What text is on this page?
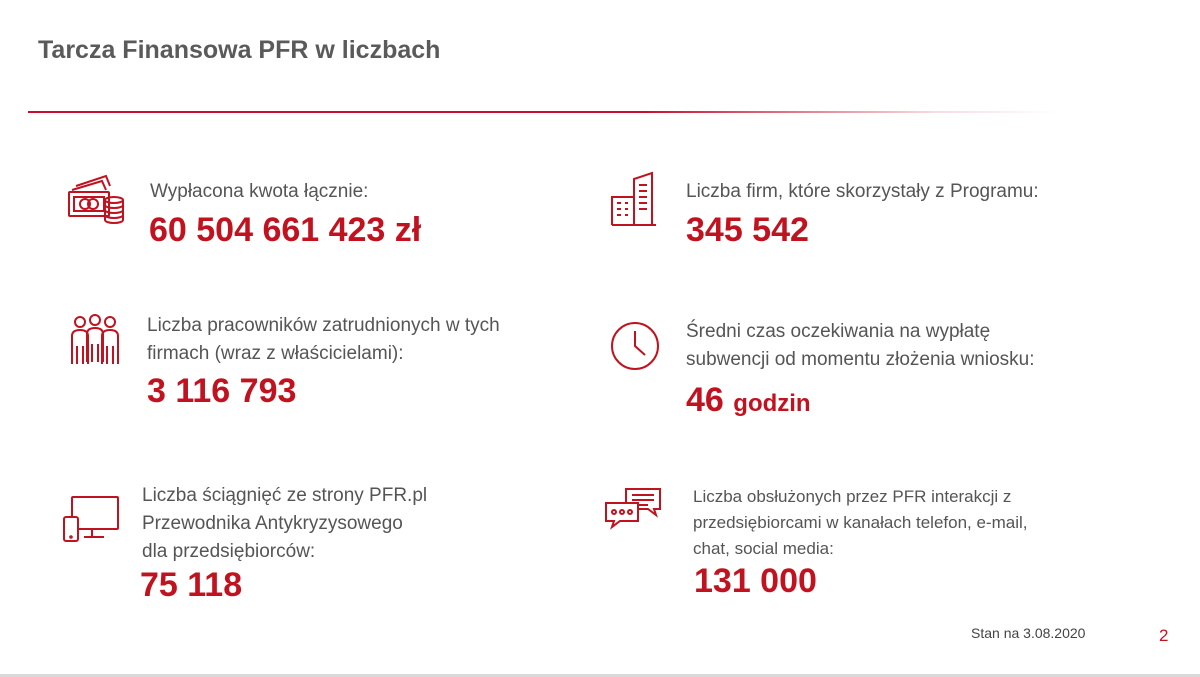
Tarcza Finansowa PFR w liczbach
Wypłacona kwota łącznie:
60 504 661 423 zł
Liczba firm, które skorzystały z Programu:
345 542
Liczba pracowników zatrudnionych w tych
firmach (wraz z właścicielami):
3 116 793
Średni czas oczekiwania na wypłatę
subwencji od momentu złożenia wniosku:
46 godzin
Liczba ściągnięć ze strony PFR.pl
Przewodnika Antykryzysowego
dla przedsiębiorców:
75 118
Liczba obsłużonych przez PFR interakcji z
przedsiębiorcami w kanałach telefon, e-mail,
chat, social media:
131 000
Stan na 3.08.2020	2
